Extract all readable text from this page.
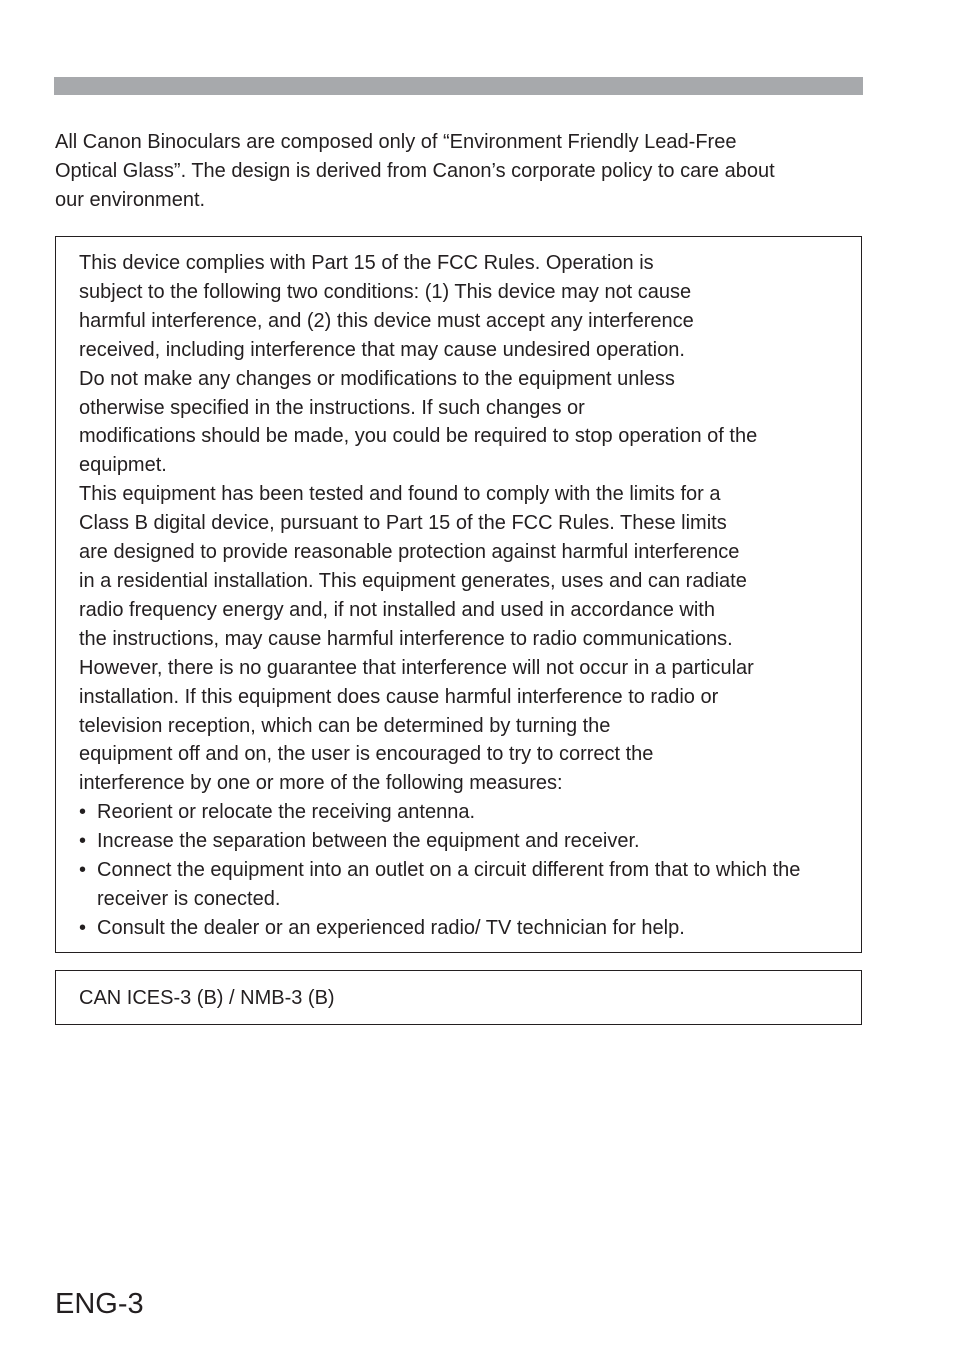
All Canon Binoculars are composed only of “Environment Friendly Lead-Free
Optical Glass”. The design is derived from Canon’s corporate policy to care about
our environment.

This device complies with Part 15 of the FCC Rules. Operation is
subject to the following two conditions: (1) This device may not cause
harmful interference, and (2) this device must accept any interference
received, including interference that may cause undesired operation.
Do not make any changes or modifications to the equipment unless
otherwise specified in the instructions. If such changes or
modifications should be made, you could be required to stop operation of the
equipmet.
This equipment has been tested and found to comply with the limits for a
Class B digital device, pursuant to Part 15 of the FCC Rules. These limits
are designed to provide reasonable protection against harmful interference
in a residential installation. This equipment generates, uses and can radiate
radio frequency energy and, if not installed and used in accordance with
the instructions, may cause harmful interference to radio communications.
However, there is no guarantee that interference will not occur in a particular
installation. If this equipment does cause harmful interference to radio or
television reception, which can be determined by turning the
equipment off and on, the user is encouraged to try to correct the
interference by one or more of the following measures:
• Reorient or relocate the receiving antenna.
• Increase the separation between the equipment and receiver.
• Connect the equipment into an outlet on a circuit different from that to which the receiver is conected.
• Consult the dealer or an experienced radio/ TV technician for help.
CAN ICES-3 (B) / NMB-3 (B)
ENG-3
